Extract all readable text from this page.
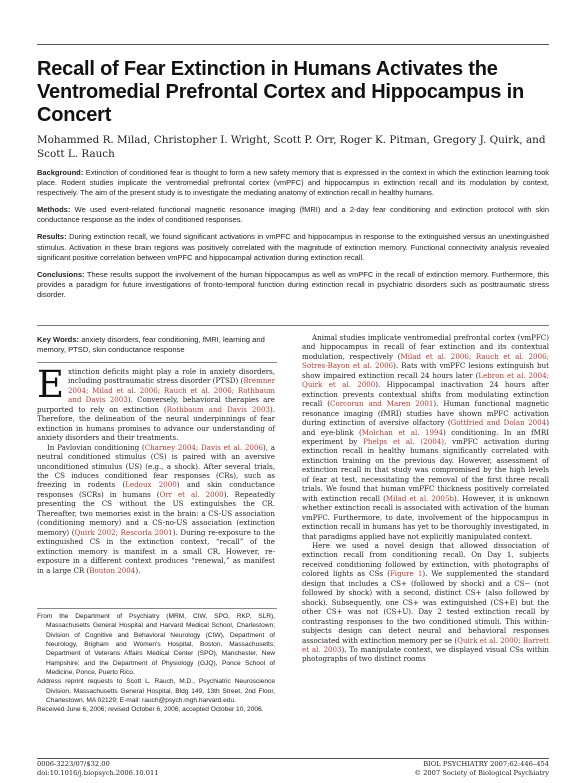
Recall of Fear Extinction in Humans Activates the Ventromedial Prefrontal Cortex and Hippocampus in Concert
Mohammed R. Milad, Christopher I. Wright, Scott P. Orr, Roger K. Pitman, Gregory J. Quirk, and Scott L. Rauch

Background: Extinction of conditioned fear is thought to form a new safety memory that is expressed in the context in which the extinction learning took place. Rodent studies implicate the ventromedial prefrontal cortex (vmPFC) and hippocampus in extinction recall and its modulation by context, respectively. The aim of the present study is to investigate the mediating anatomy of extinction recall in healthy humans.

Methods: We used event-related functional magnetic resonance imaging (fMRI) and a 2-day fear conditioning and extinction protocol with skin conductance response as the index of conditioned responses.

Results: During extinction recall, we found significant activations in vmPFC and hippocampus in response to the extinguished versus an unextinguished stimulus. Activation in these brain regions was positively correlated with the magnitude of extinction memory. Functional connectivity analysis revealed significant positive correlation between vmPFC and hippocampal activation during extinction recall.

Conclusions: These results support the involvement of the human hippocampus as well as vmPFC in the recall of extinction memory. Furthermore, this provides a paradigm for future investigations of fronto-temporal function during extinction recall in psychiatric disorders such as posttraumatic stress disorder.

Key Words: anxiety disorders, fear conditioning, fMRI, learning and memory, PTSD, skin conductance response

Extinction deficits might play a role in anxiety disorders, including posttraumatic stress disorder (PTSD) (Bremner 2004; Milad et al. 2006; Rauch et al. 2006; Rothbaum and Davis 2003). Conversely, behavioral therapies are purported to rely on extinction (Rothbaum and Davis 2003). Therefore, the delineation of the neural underpinnings of fear extinction in humans promises to advance our understanding of anxiety disorders and their treatments.

In Pavlovian conditioning (Charney 2004; Davis et al. 2006), a neutral conditioned stimulus (CS) is paired with an aversive unconditioned stimulus (US) (e.g., a shock). After several trials, the CS induces conditioned fear responses (CRs), such as freezing in rodents (Ledoux 2000) and skin conductance responses (SCRs) in humans (Orr et al. 2000). Repeatedly presenting the CS without the US extinguishes the CR. Thereafter, two memories exist in the brain: a CS-US association (conditioning memory) and a CS-no-US association (extinction memory) (Quirk 2002; Rescorla 2001). During re-exposure to the extinguished CS in the extinction context, “recall” of the extinction memory is manifest in a small CR. However, re-exposure in a different context produces “renewal,” as manifest in a large CR (Bouton 2004).

From the Department of Psychiatry (MRM, CIW, SPO, RKP, SLR), Massachusetts General Hospital and Harvard Medical School, Charlestown; Division of Cognitive and Behavioral Neurology (CIW), Department of Neurology, Brigham and Women's Hospital, Boston, Massachusetts; Department of Veterans Affairs Medical Center (SPO), Manchester, New Hampshire; and the Department of Physiology (GJQ), Ponce School of Medicine, Ponce, Puerto Rico.

Address reprint requests to Scott L. Rauch, M.D., Psychiatric Neuroscience Division, Massachusetts General Hospital, Bldg 149, 13th Street, 2nd Floor, Charlestown, MA 02129; E-mail: rauch@psych.mgh.harvard.edu.

Received June 6, 2006; revised October 6, 2006; accepted October 10, 2006.

Animal studies implicate ventromedial prefrontal cortex (vmPFC) and hippocampus in recall of fear extinction and its contextual modulation, respectively (Milad et al. 2006; Rauch et al. 2006; Sotres-Bayon et al. 2006). Rats with vmPFC lesions extinguish but show impaired extinction recall 24 hours later (Lebron et al. 2004; Quirk et al. 2000). Hippocampal inactivation 24 hours after extinction prevents contextual shifts from modulating extinction recall (Corcoran and Maren 2001). Human functional magnetic resonance imaging (fMRI) studies have shown mPFC activation during extinction of aversive olfactory (Gottfried and Dolan 2004) and eye-blink (Molchan et al. 1994) conditioning. In an fMRI experiment by Phelps et al. (2004), vmPFC activation during extinction recall in healthy humans significantly correlated with extinction training on the previous day. However, assessment of extinction recall in that study was compromised by the high levels of fear at test, necessitating the removal of the first three recall trials. We found that human vmPFC thickness positively correlated with extinction recall (Milad et al. 2005b). However, it is unknown whether extinction recall is associated with activation of the human vmPFC. Furthermore, to date, involvement of the hippocampus in extinction recall in humans has yet to be thoroughly investigated, in that paradigms applied have not explicitly manipulated context.

Here we used a novel design that allowed dissociation of extinction recall from conditioning recall. On Day 1, subjects received conditioning followed by extinction, with photographs of colored lights as CSs (Figure 1). We supplemented the standard design that includes a CS+ (followed by shock) and a CS− (not followed by shock) with a second, distinct CS+ (also followed by shock). Subsequently, one CS+ was extinguished (CS+E) but the other CS+ was not (CS+U). Day 2 tested extinction recall by contrasting responses to the two conditioned stimuli. This within-subjects design can detect neural and behavioral responses associated with extinction memory per se (Quirk et al. 2000; Barrett et al. 2003). To manipulate context, we displayed visual CSs within photographs of two distinct rooms

0006-3223/07/$32.00
doi:10.1016/j.biopsych.2006.10.011
BIOL PSYCHIATRY 2007;62:446–454
© 2007 Society of Biological Psychiatry
